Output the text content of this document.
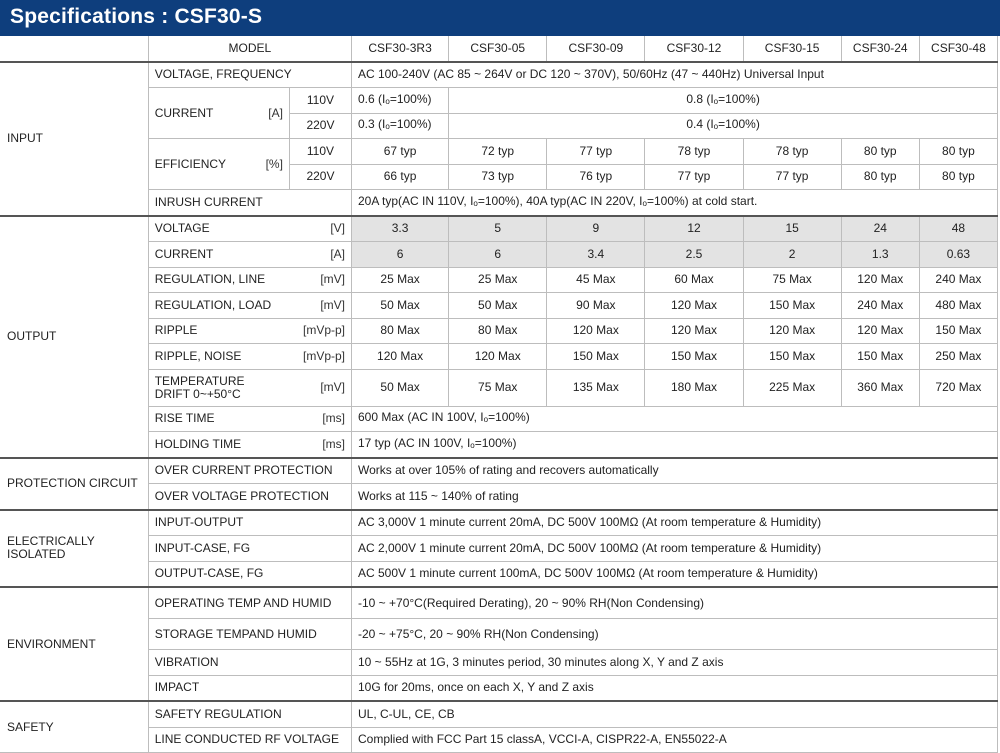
Specifications : CSF30-S
	MODEL		CSF30-3R3	CSF30-05	CSF30-09	CSF30-12	CSF30-15	CSF30-24	CSF30-48
INPUT	VOLTAGE, FREQUENCY		AC 100-240V (AC 85 ~ 264V or DC 120 ~ 370V), 50/60Hz (47 ~ 440Hz) Universal Input						

	CURRENT [A]	110V	0.6 $(I_o=100\%)$	0.8 $(I_o=100\%)$					
		220V	0.3 $(I_o=100\%)$	0.4 $(I_o=100\%)$					

	EFFICIENCY [%]	110V	67 typ	72 typ	77 typ	78 typ	78 typ	80 typ	80 typ
		220V	66 typ	73 typ	76 typ	77 typ	77 typ	80 typ	80 typ
	INRUSH CURRENT		20A typ(AC IN 110V, $I_o=100\%$), 40A typ(AC IN 220V, $I_o=100\%$) at cold start.						
OUTPUT	VOLTAGE [V]		3.3	5	9	12	15	24	48

	CURRENT [A]		6	6	3.4	2.5	2	1.3	0.63

	REGULATION, LINE [mV]		25 Max	25 Max	45 Max	60 Max	75 Max	120 Max	240 Max

	REGULATION, LOAD [mV]		50 Max	50 Max	90 Max	120 Max	150 Max	240 Max	480 Max

	RIPPLE [mVp-p]		80 Max	80 Max	120 Max	120 Max	120 Max	120 Max	150 Max

	RIPPLE, NOISE [mVp-p]		120 Max	120 Max	150 Max	150 Max	150 Max	150 Max	250 Max

	TEMPERATURE
DRIFT 0~+50°C [mV]		50 Max	75 Max	135 Max	180 Max	225 Max	360 Max	720 Max

	RISE TIME [ms]		600 Max (AC IN 100V, $I_o=100\%$)						

	HOLDING TIME [ms]		17 typ (AC IN 100V, $I_o=100\%$)						
PROTECTION CIRCUIT	OVER CURRENT PROTECTION		Works at over 105% of rating and recovers automatically						
	OVER VOLTAGE PROTECTION		Works at 115 ~ 140% of rating						
ELECTRICALLY
ISOLATED	INPUT-OUTPUT		AC 3,000V 1 minute current 20mA, DC 500V 100MΩ (At room temperature & Humidity)						
	INPUT-CASE, FG		AC 2,000V 1 minute current 20mA, DC 500V 100MΩ (At room temperature & Humidity)						
	OUTPUT-CASE, FG		AC 500V 1 minute current 100mA, DC 500V 100MΩ (At room temperature & Humidity)						
ENVIRONMENT	OPERATING TEMP AND HUMID		-10 ~ +70°C(Required Derating), 20 ~ 90% RH(Non Condensing)						
	STORAGE TEMPAND HUMID		-20 ~ +75°C, 20 ~ 90% RH(Non Condensing)						
	VIBRATION		10 ~ 55Hz at 1G, 3 minutes period, 30 minutes along X, Y and Z axis						
	IMPACT		10G for 20ms, once on each X, Y and Z axis						
SAFETY	SAFETY REGULATION		UL, C-UL, CE, CB						
	LINE CONDUCTED RF VOLTAGE		Complied with FCC Part 15 classA, VCCI-A, CISPR22-A, EN55022-A						
